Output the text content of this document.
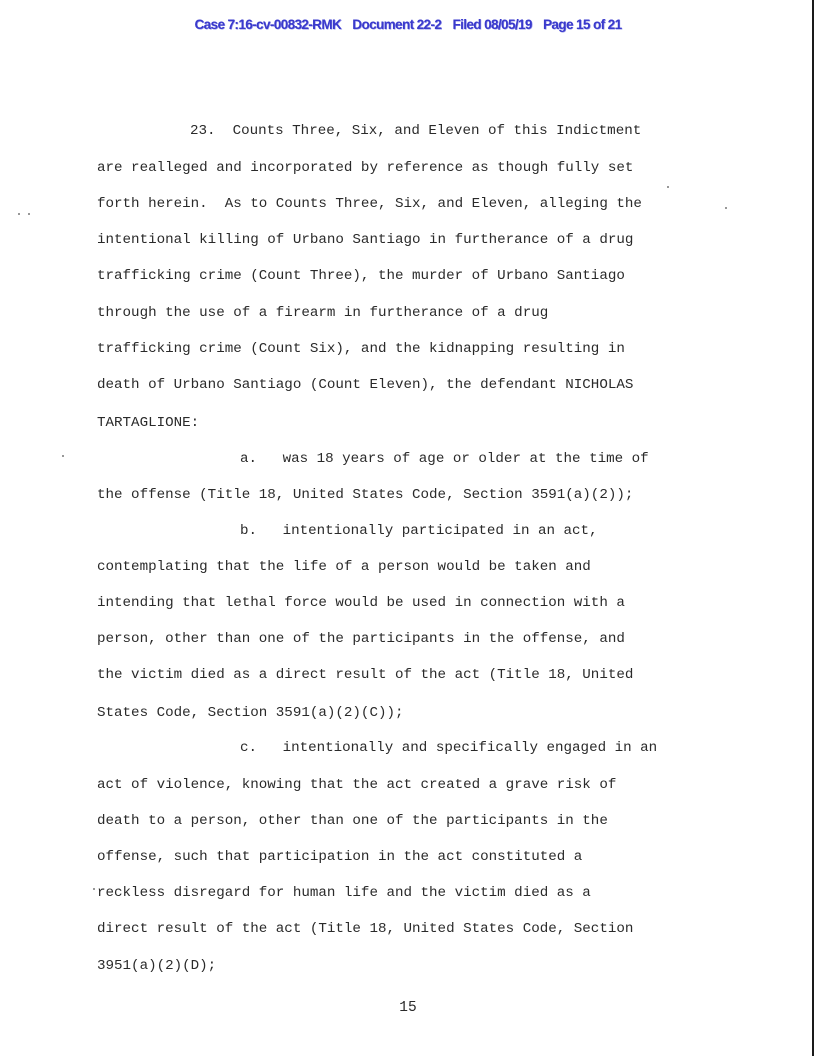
Case 7:16-cv-00832-RMK Document 22-2 Filed 08/05/19 Page 15 of 21
23.  Counts Three, Six, and Eleven of this Indictment
are realleged and incorporated by reference as though fully set
forth herein.  As to Counts Three, Six, and Eleven, alleging the
intentional killing of Urbano Santiago in furtherance of a drug
trafficking crime (Count Three), the murder of Urbano Santiago
through the use of a firearm in furtherance of a drug
trafficking crime (Count Six), and the kidnapping resulting in
death of Urbano Santiago (Count Eleven), the defendant NICHOLAS
TARTAGLIONE:
a.   was 18 years of age or older at the time of
the offense (Title 18, United States Code, Section 3591(a)(2));
b.   intentionally participated in an act,
contemplating that the life of a person would be taken and
intending that lethal force would be used in connection with a
person, other than one of the participants in the offense, and
the victim died as a direct result of the act (Title 18, United
States Code, Section 3591(a)(2)(C));
c.   intentionally and specifically engaged in an
act of violence, knowing that the act created a grave risk of
death to a person, other than one of the participants in the
offense, such that participation in the act constituted a
reckless disregard for human life and the victim died as a
direct result of the act (Title 18, United States Code, Section
3951(a)(2)(D);
15
